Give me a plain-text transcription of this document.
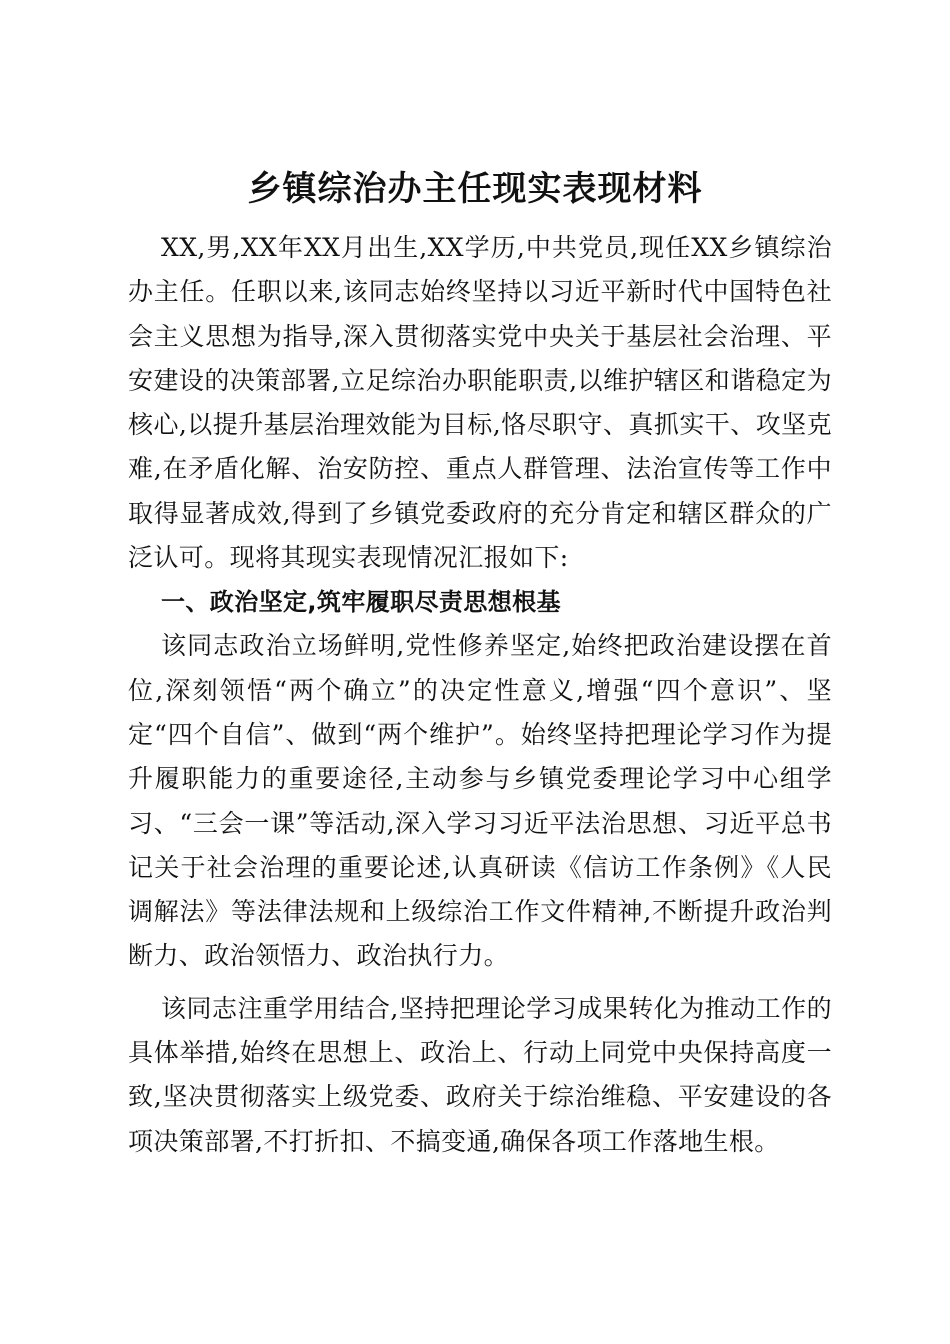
乡镇综治办主任现实表现材料

XX,男,XX年XX月出生,XX学历,中共党员,现任XX乡镇综治办主任。任职以来,该同志始终坚持以习近平新时代中国特色社会主义思想为指导,深入贯彻落实党中央关于基层社会治理、平安建设的决策部署,立足综治办职能职责,以维护辖区和谐稳定为核心,以提升基层治理效能为目标,恪尽职守、真抓实干、攻坚克难,在矛盾化解、治安防控、重点人群管理、法治宣传等工作中取得显著成效,得到了乡镇党委政府的充分肯定和辖区群众的广泛认可。现将其现实表现情况汇报如下:

一、政治坚定,筑牢履职尽责思想根基

该同志政治立场鲜明,党性修养坚定,始终把政治建设摆在首位,深刻领悟“两个确立”的决定性意义,增强“四个意识”、坚定“四个自信”、做到“两个维护”。始终坚持把理论学习作为提升履职能力的重要途径,主动参与乡镇党委理论学习中心组学习、“三会一课”等活动,深入学习习近平法治思想、习近平总书记关于社会治理的重要论述,认真研读《信访工作条例》《人民调解法》等法律法规和上级综治工作文件精神,不断提升政治判断力、政治领悟力、政治执行力。

该同志注重学用结合,坚持把理论学习成果转化为推动工作的具体举措,始终在思想上、政治上、行动上同党中央保持高度一致,坚决贯彻落实上级党委、政府关于综治维稳、平安建设的各项决策部署,不打折扣、不搞变通,确保各项工作落地生根。
